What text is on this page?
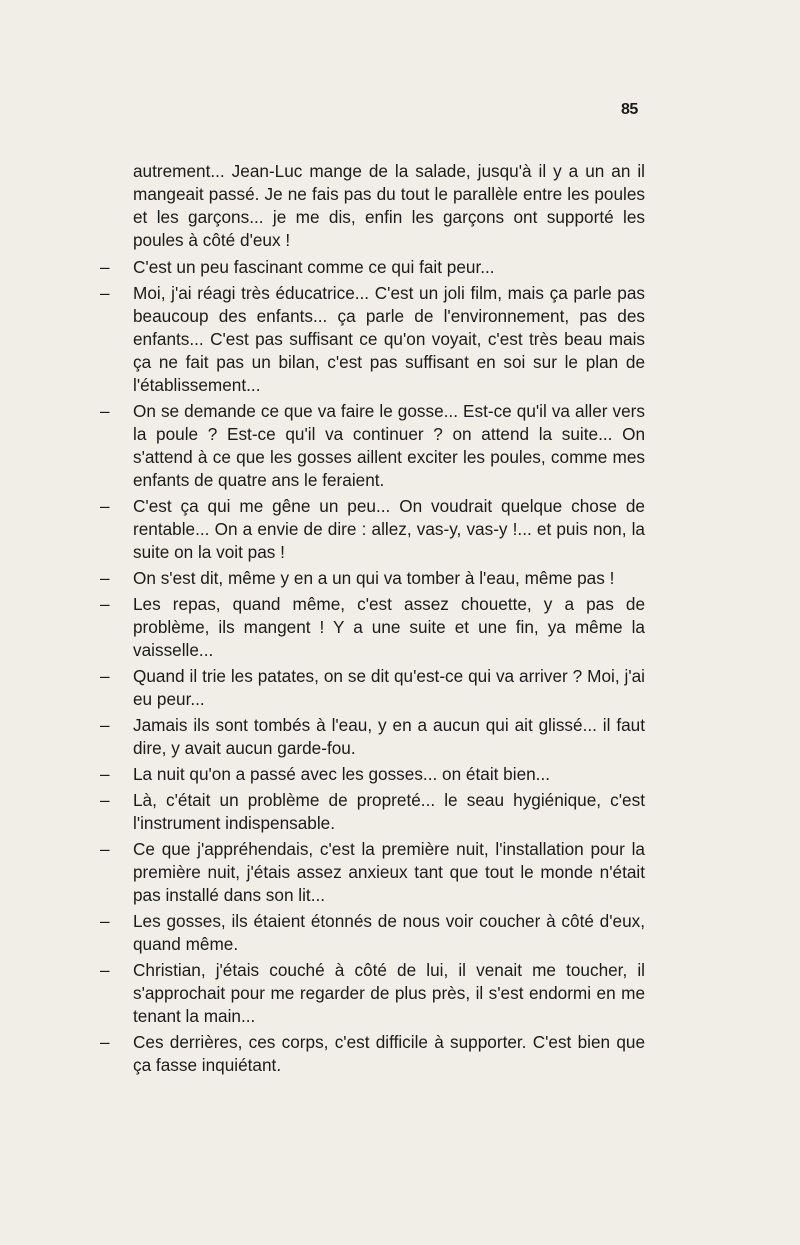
85
autrement... Jean-Luc mange de la salade, jusqu'à il y a un an il mangeait passé. Je ne fais pas du tout le parallèle entre les poules et les garçons... je me dis, enfin les garçons ont supporté les poules à côté d'eux !
– C'est un peu fascinant comme ce qui fait peur...
– Moi, j'ai réagi très éducatrice... C'est un joli film, mais ça parle pas beaucoup des enfants... ça parle de l'environnement, pas des enfants... C'est pas suffisant ce qu'on voyait, c'est très beau mais ça ne fait pas un bilan, c'est pas suffisant en soi sur le plan de l'établissement...
– On se demande ce que va faire le gosse... Est-ce qu'il va aller vers la poule ? Est-ce qu'il va continuer ? on attend la suite... On s'attend à ce que les gosses aillent exciter les poules, comme mes enfants de quatre ans le feraient.
– C'est ça qui me gêne un peu... On voudrait quelque chose de rentable... On a envie de dire : allez, vas-y, vas-y !... et puis non, la suite on la voit pas !
– On s'est dit, même y en a un qui va tomber à l'eau, même pas !
– Les repas, quand même, c'est assez chouette, y a pas de problème, ils mangent ! Y a une suite et une fin, ya même la vaisselle...
– Quand il trie les patates, on se dit qu'est-ce qui va arriver ? Moi, j'ai eu peur...
– Jamais ils sont tombés à l'eau, y en a aucun qui ait glissé... il faut dire, y avait aucun garde-fou.
– La nuit qu'on a passé avec les gosses... on était bien...
– Là, c'était un problème de propreté... le seau hygiénique, c'est l'instrument indispensable.
– Ce que j'appréhendais, c'est la première nuit, l'installation pour la première nuit, j'étais assez anxieux tant que tout le monde n'était pas installé dans son lit...
– Les gosses, ils étaient étonnés de nous voir coucher à côté d'eux, quand même.
– Christian, j'étais couché à côté de lui, il venait me toucher, il s'approchait pour me regarder de plus près, il s'est endormi en me tenant la main...
– Ces derrières, ces corps, c'est difficile à supporter. C'est bien que ça fasse inquiétant.
